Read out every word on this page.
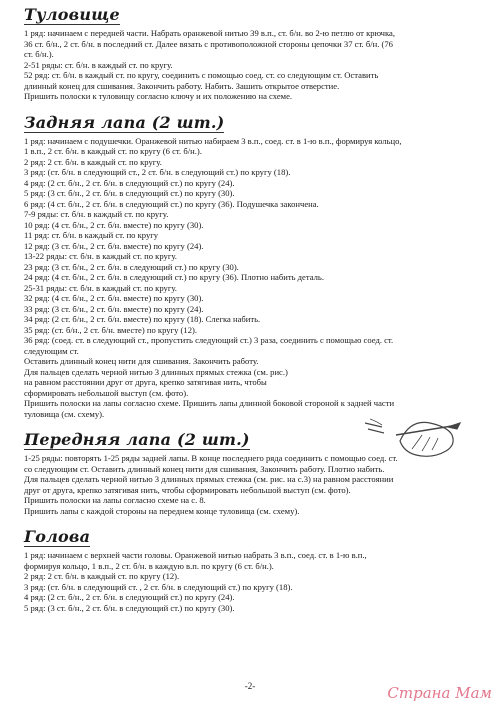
Туловище
1 ряд: начинаем с передней части. Набрать оранжевой нитью 39 в.п., ст. б/н. во 2-ю петлю от крючка,
36 ст. б/н., 2 ст. б/н. в последний ст. Далее вязать с противоположной стороны цепочки 37 ст. б/н. (76
ст. б/н.).
2-51 ряды: ст. б/н. в каждый ст. по кругу.
52 ряд: ст. б/н. в каждый ст. по кругу, соединить с помощью соед. ст. со следующим ст. Оставить
длинный конец для сшивания. Закончить работу. Набить. Зашить открытое отверстие.
Пришить полоски к туловищу согласно ключу и их положению на схеме.
Задняя лапа (2 шт.)
1 ряд: начинаем с подушечки. Оранжевой нитью набираем 3 в.п., соед. ст. в 1-ю в.п., формируя кольцо,
1 в.п., 2 ст. б/н. в каждый ст. по кругу (6 ст. б/н.).
2 ряд: 2 ст. б/н. в каждый ст. по кругу.
3 ряд: (ст. б/н. в следующий ст., 2 ст. б/н. в следующий ст.) по кругу (18).
4 ряд: (2 ст. б/н., 2 ст. б/н. в следующий ст.) по кругу (24).
5 ряд: (3 ст. б/н., 2 ст. б/н. в следующий ст.) по кругу (30).
6 ряд: (4 ст. б/н., 2 ст. б/н. в следующий ст.) по кругу (36). Подушечка закончена.
7-9 ряды: ст. б/н. в каждый ст. по кругу.
10 ряд: (4 ст. б/н., 2 ст. б/н. вместе) по кругу (30).
11 ряд: ст. б/н. в каждый ст. по кругу
12 ряд: (3 ст. б/н., 2 ст. б/н. вместе) по кругу (24).
13-22 ряды: ст. б/н. в каждый ст. по кругу.
23 ряд: (3 ст. б/н., 2 ст. б/н. в следующий ст.) по кругу (30).
24 ряд: (4 ст. б/н., 2 ст. б/н. в следующий ст.) по кругу (36). Плотно набить деталь.
25-31 ряды: ст. б/н. в каждый ст. по кругу.
32 ряд: (4 ст. б/н., 2 ст. б/н. вместе) по кругу (30).
33 ряд: (3 ст. б/н., 2 ст. б/н. вместе) по кругу (24).
34 ряд: (2 ст. б/н., 2 ст. б/н. вместе) по кругу (18). Слегка набить.
35 ряд: (ст. б/н., 2 ст. б/н. вместе) по кругу (12).
36 ряд: (соед. ст. в следующий ст., пропустить следующий ст.) 3 раза, соединить с помощью соед. ст.
следующим ст.
Оставить длинный конец нити для сшивания. Закончить работу.
Для пальцев сделать черной нитью 3 длинных прямых стежка (см. рис.)
на равном расстоянии друг от друга, крепко затягивая нить, чтобы
сформировать небольшой выступ (см. фото).
Пришить полоски на лапы согласно схеме. Пришить лапы длинной боковой стороной к задней части
туловища (см. схему).
Передняя лапа (2 шт.)
1-25 ряды: повторять 1-25 ряды задней лапы. В конце последнего ряда соединить с помощью соед. ст.
со следующим ст. Оставить длинный конец нити для сшивания, Закончить работу. Плотно набить.
Для пальцев сделать черной нитью 3 длинных прямых стежка (см. рис. на с.3) на равном расстоянии
друг от друга, крепко затягивая нить, чтобы сформировать небольшой выступ (см. фото).
Пришить полоски на лапы согласно схеме на с. 8.
Пришить лапы с каждой стороны на переднем конце туловища (см. схему).
Голова
1 ряд: начинаем с верхней части головы. Оранжевой нитью набрать 3 в.п., соед. ст. в 1-ю в.п.,
формируя кольцо, 1 в.п., 2 ст. б/н. в каждую в.п. по кругу (6 ст. б/н.).
2 ряд: 2 ст. б/н. в каждый ст. по кругу (12).
3 ряд: (ст. б/н. в следующий ст. , 2 ст. б/н. в следующий ст.) по кругу (18).
4 ряд: (2 ст. б/н., 2 ст. б/н. в следующий ст.) по кругу (24).
5 ряд: (3 ст. б/н., 2 ст. б/н. в следующий ст.) по кругу (30).
-2-	Страна Мам
